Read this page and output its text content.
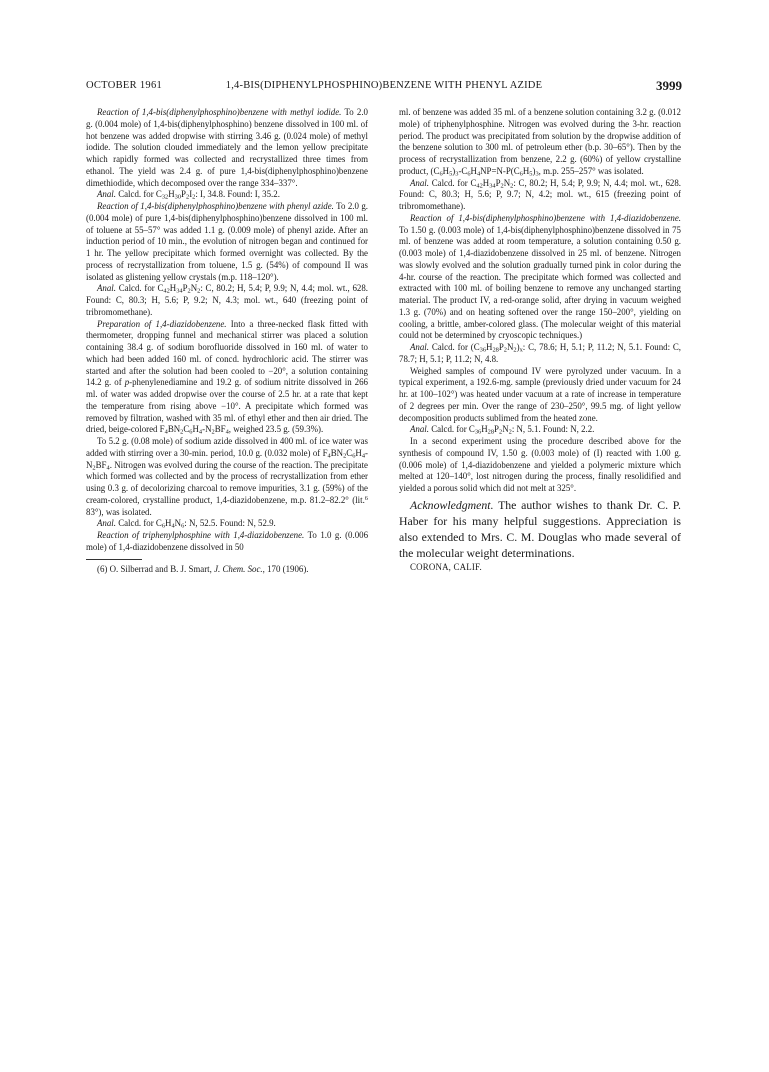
OCTOBER 1961	1,4-BIS(DIPHENYLPHOSPHINO)BENZENE WITH PHENYL AZIDE	3999

Reaction of 1,4-bis(diphenylphosphino)benzene with methyl iodide. To 2.0 g. (0.004 mole) of 1,4-bis(diphenylphosphino) benzene dissolved in 100 ml. of hot benzene was added dropwise with stirring 3.46 g. (0.024 mole) of methyl iodide. The solution clouded immediately and the lemon yellow precipitate which rapidly formed was collected and recrystallized three times from ethanol. The yield was 2.4 g. of pure 1,4-bis(diphenylphosphino)benzene dimethiodide, which decomposed over the range 334–337°.

Anal. Calcd. for $C_{32}H_{30}P_2I_2$: I, 34.8. Found: I, 35.2.

Reaction of 1,4-bis(diphenylphosphino)benzene with phenyl azide. To 2.0 g. (0.004 mole) of pure 1,4-bis(diphenylphosphino)benzene dissolved in 100 ml. of toluene at 55–57° was added 1.1 g. (0.009 mole) of phenyl azide. After an induction period of 10 min., the evolution of nitrogen began and continued for 1 hr. The yellow precipitate which formed overnight was collected. By the process of recrystallization from toluene, 1.5 g. (54%) of compound II was isolated as glistening yellow crystals (m.p. 118–120°).

Anal. Calcd. for $C_{42}H_{34}P_2N_2$: C, 80.2; H, 5.4; P, 9.9; N, 4.4; mol. wt., 628. Found: C, 80.3; H, 5.6; P, 9.2; N, 4.3; mol. wt., 640 (freezing point of tribromomethane).

Preparation of 1,4-diazidobenzene. Into a three-necked flask fitted with thermometer, dropping funnel and mechanical stirrer was placed a solution containing 38.4 g. of sodium borofluoride dissolved in 160 ml. of water to which had been added 160 ml. of concd. hydrochloric acid. The stirrer was started and after the solution had been cooled to −20°, a solution containing 14.2 g. of p-phenylenediamine and 19.2 g. of sodium nitrite dissolved in 266 ml. of water was added dropwise over the course of 2.5 hr. at a rate that kept the temperature from rising above −10°. A precipitate which formed was removed by filtration, washed with 35 ml. of ethyl ether and then air dried. The dried, beige-colored $F_4BN_2C_6H_4-N_2BF_4$, weighed 23.5 g. (59.3%).

To 5.2 g. (0.08 mole) of sodium azide dissolved in 400 ml. of ice water was added with stirring over a 30-min. period, 10.0 g. (0.032 mole) of $F_4BN_2C_6H_4-N_2BF_4$. Nitrogen was evolved during the course of the reaction. The precipitate which formed was collected and by the process of recrystallization from ether using 0.3 g. of decolorizing charcoal to remove impurities, 3.1 g. (59%) of the cream-colored, crystalline product, 1,4-diazidobenzene, m.p. 81.2–82.2° (lit.$^6$ 83°), was isolated.

Anal. Calcd. for $C_6H_4N_6$: N, 52.5. Found: N, 52.9.

Reaction of triphenylphosphine with 1,4-diazidobenzene. To 1.0 g. (0.006 mole) of 1,4-diazidobenzene dissolved in 50

(6) O. Silberrad and B. J. Smart, J. Chem. Soc., 170 (1906).

ml. of benzene was added 35 ml. of a benzene solution containing 3.2 g. (0.012 mole) of triphenylphosphine. Nitrogen was evolved during the 3-hr. reaction period. The product was precipitated from solution by the dropwise addition of the benzene solution to 300 ml. of petroleum ether (b.p. 30–65°). Then by the process of recrystallization from benzene, 2.2 g. (60%) of yellow crystalline product, $(C_6H_5)_3-C_6H_4NP=N-P(C_6H_5)_3$, m.p. 255–257° was isolated.

Anal. Calcd. for $C_{42}H_{34}P_2N_2$: C, 80.2; H, 5.4; P, 9.9; N, 4.4; mol. wt., 628. Found: C, 80.3; H, 5.6; P, 9.7; N, 4.2; mol. wt., 615 (freezing point of tribromomethane).

Reaction of 1,4-bis(diphenylphosphino)benzene with 1,4-diazidobenzene. To 1.50 g. (0.003 mole) of 1,4-bis(diphenylphosphino)benzene dissolved in 75 ml. of benzene was added at room temperature, a solution containing 0.50 g. (0.003 mole) of 1,4-diazidobenzene dissolved in 25 ml. of benzene. Nitrogen was slowly evolved and the solution gradually turned pink in color during the 4-hr. course of the reaction. The precipitate which formed was collected and extracted with 100 ml. of boiling benzene to remove any unchanged starting material. The product IV, a red-orange solid, after drying in vacuum weighed 1.3 g. (70%) and on heating softened over the range 150–200°, yielding on cooling, a brittle, amber-colored glass. (The molecular weight of this material could not be determined by cryoscopic techniques.)

Anal. Calcd. for $(C_{36}H_{28}P_2N_2)_x$: C, 78.6; H, 5.1; P, 11.2; N, 5.1. Found: C, 78.7; H, 5.1; P, 11.2; N, 4.8.

Weighed samples of compound IV were pyrolyzed under vacuum. In a typical experiment, a 192.6-mg. sample (previously dried under vacuum for 24 hr. at 100–102°) was heated under vacuum at a rate of increase in temperature of 2 degrees per min. Over the range of 230–250°, 99.5 mg. of light yellow decomposition products sublimed from the heated zone.

Anal. Calcd. for $C_{36}H_{28}P_2N_2$: N, 5.1. Found: N, 2.2.

In a second experiment using the procedure described above for the synthesis of compound IV, 1.50 g. (0.003 mole) of (I) reacted with 1.00 g. (0.006 mole) of 1,4-diazidobenzene and yielded a polymeric mixture which melted at 120–140°, lost nitrogen during the process, finally resolidified and yielded a porous solid which did not melt at 325°.

Acknowledgment. The author wishes to thank Dr. C. P. Haber for his many helpful suggestions. Appreciation is also extended to Mrs. C. M. Douglas who made several of the molecular weight determinations.

CORONA, CALIF.
